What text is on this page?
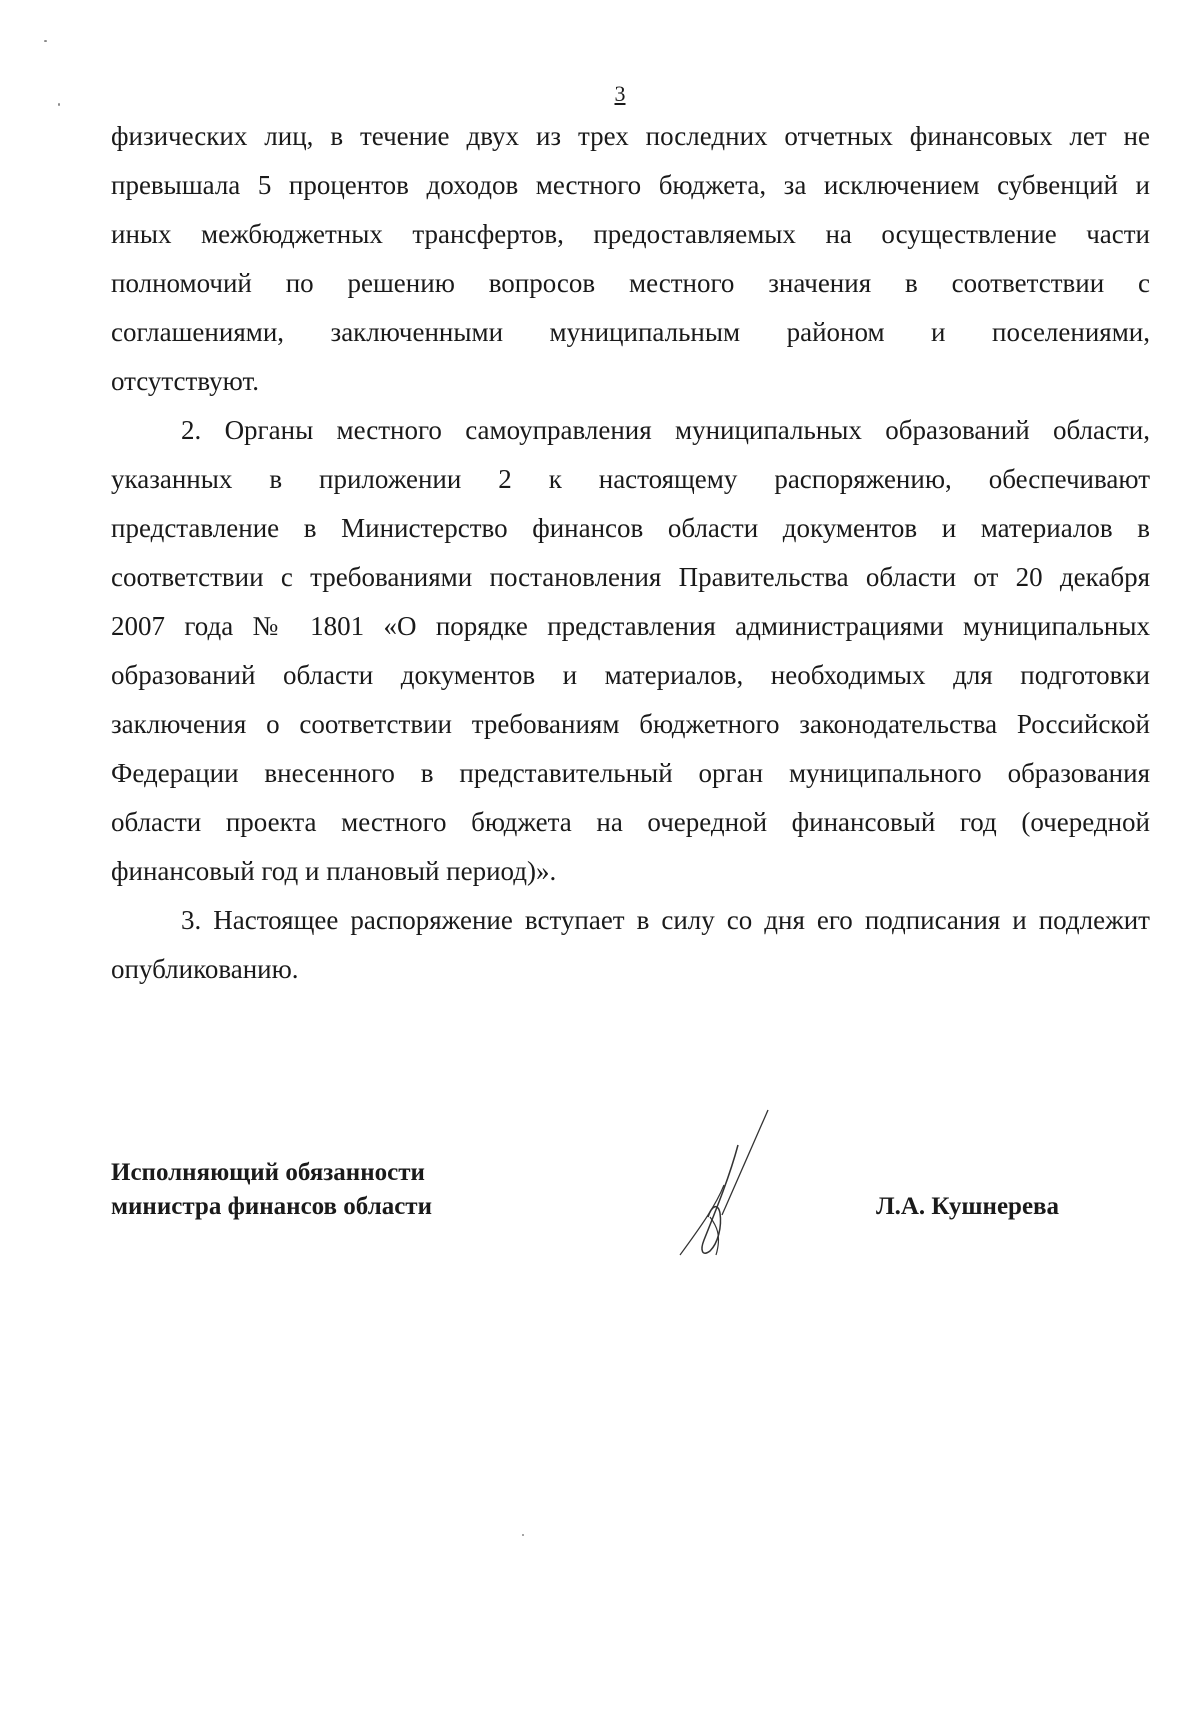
3

физических лиц, в течение двух из трех последних отчетных финансовых лет не
превышала 5 процентов доходов местного бюджета, за исключением субвенций и
иных межбюджетных трансфертов, предоставляемых на осуществление части
полномочий по решению вопросов местного значения в соответствии с
соглашениями, заключенными муниципальным районом и поселениями,
отсутствуют.

2. Органы местного самоуправления муниципальных образований области,
указанных в приложении 2 к настоящему распоряжению, обеспечивают
представление в Министерство финансов области документов и материалов в
соответствии с требованиями постановления Правительства области от 20 декабря
2007 года № 1801 «О порядке представления администрациями муниципальных
образований области документов и материалов, необходимых для подготовки
заключения о соответствии требованиям бюджетного законодательства Российской
Федерации внесенного в представительный орган муниципального образования
области проекта местного бюджета на очередной финансовый год (очередной
финансовый год и плановый период)».

3. Настоящее распоряжение вступает в силу со дня его подписания и подлежит
опубликованию.

Исполняющий обязанности
министра финансов области	Л.А. Кушнерева
